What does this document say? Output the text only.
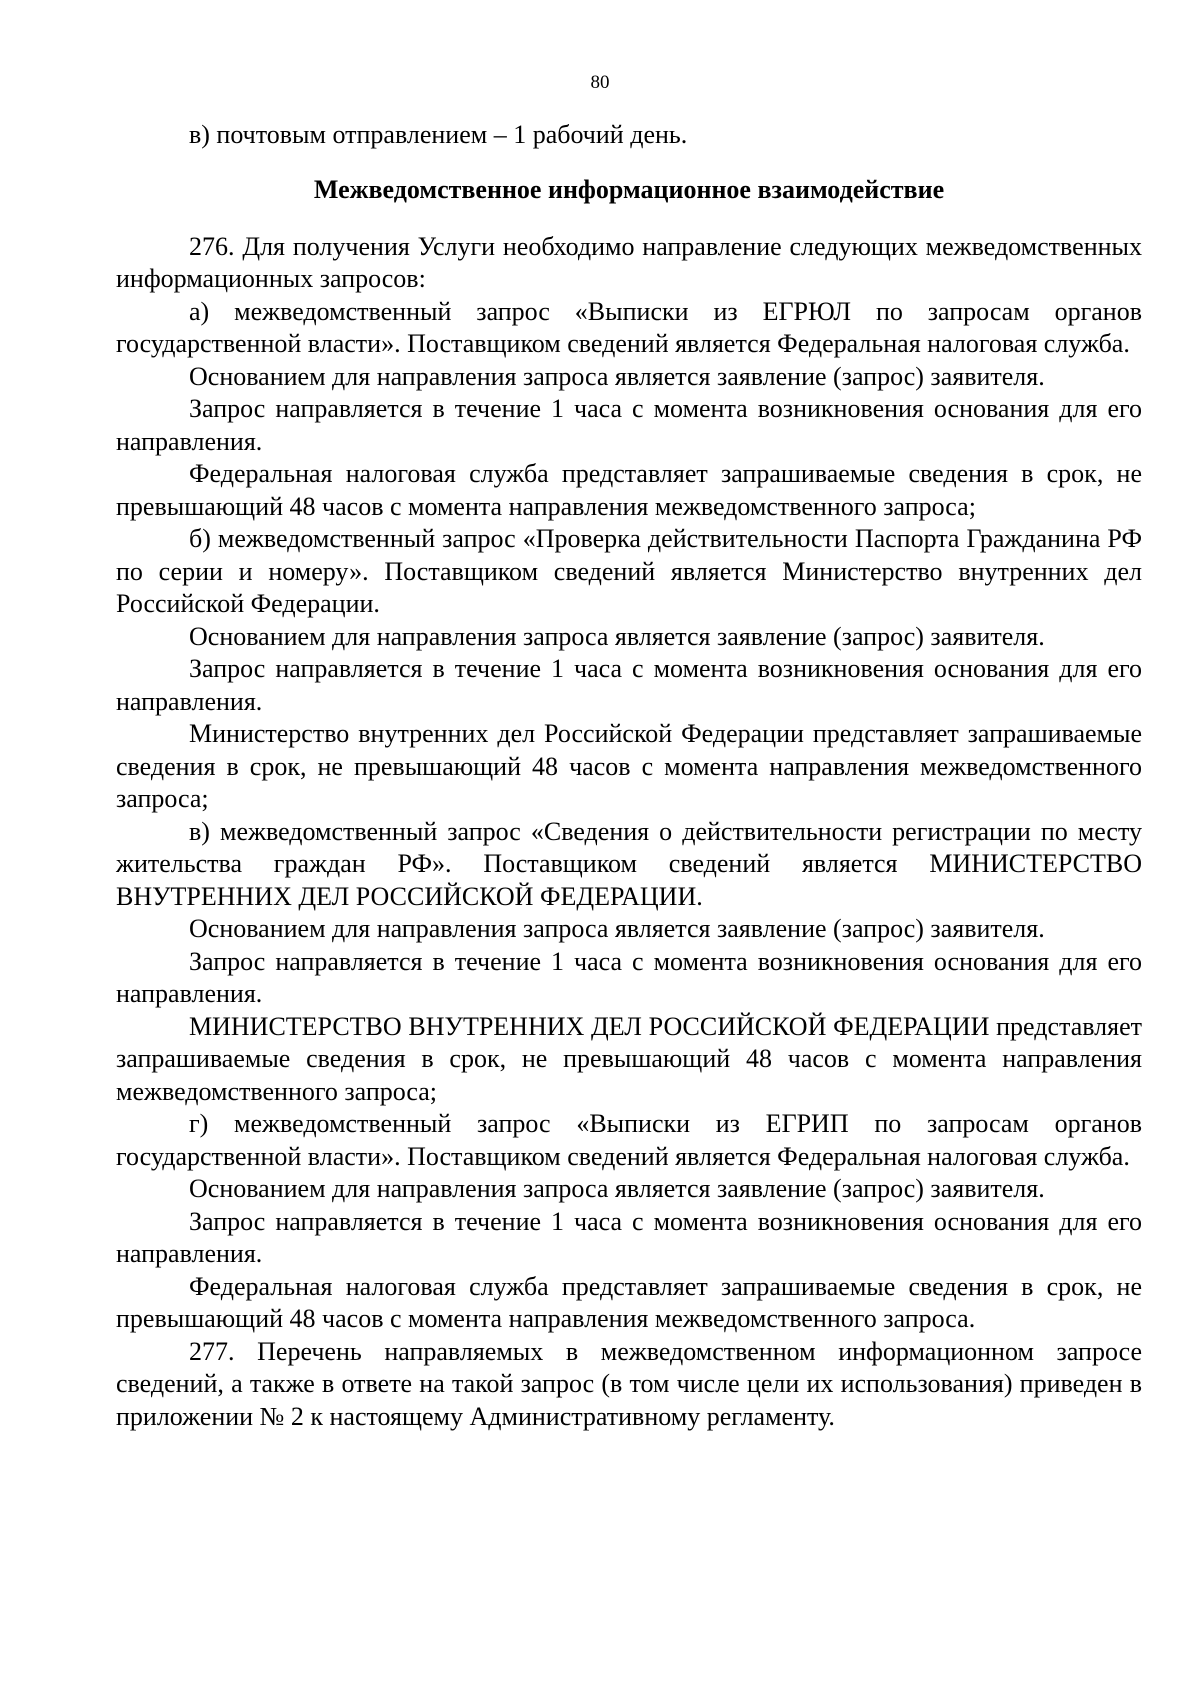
80

в) почтовым отправлением – 1 рабочий день.

Межведомственное информационное взаимодействие

276. Для получения Услуги необходимо направление следующих межведомственных информационных запросов:

а) межведомственный запрос «Выписки из ЕГРЮЛ по запросам органов государственной власти». Поставщиком сведений является Федеральная налоговая служба.

Основанием для направления запроса является заявление (запрос) заявителя.

Запрос направляется в течение 1 часа с момента возникновения основания для его направления.

Федеральная налоговая служба представляет запрашиваемые сведения в срок, не превышающий 48 часов с момента направления межведомственного запроса;

б) межведомственный запрос «Проверка действительности Паспорта Гражданина РФ по серии и номеру». Поставщиком сведений является Министерство внутренних дел Российской Федерации.

Основанием для направления запроса является заявление (запрос) заявителя.

Запрос направляется в течение 1 часа с момента возникновения основания для его направления.

Министерство внутренних дел Российской Федерации представляет запрашиваемые сведения в срок, не превышающий 48 часов с момента направления межведомственного запроса;

в) межведомственный запрос «Сведения о действительности регистрации по месту жительства граждан РФ». Поставщиком сведений является МИНИСТЕРСТВО ВНУТРЕННИХ ДЕЛ РОССИЙСКОЙ ФЕДЕРАЦИИ.

Основанием для направления запроса является заявление (запрос) заявителя.

Запрос направляется в течение 1 часа с момента возникновения основания для его направления.

МИНИСТЕРСТВО ВНУТРЕННИХ ДЕЛ РОССИЙСКОЙ ФЕДЕРАЦИИ представляет запрашиваемые сведения в срок, не превышающий 48 часов с момента направления межведомственного запроса;

г) межведомственный запрос «Выписки из ЕГРИП по запросам органов государственной власти». Поставщиком сведений является Федеральная налоговая служба.

Основанием для направления запроса является заявление (запрос) заявителя.

Запрос направляется в течение 1 часа с момента возникновения основания для его направления.

Федеральная налоговая служба представляет запрашиваемые сведения в срок, не превышающий 48 часов с момента направления межведомственного запроса.

277. Перечень направляемых в межведомственном информационном запросе сведений, а также в ответе на такой запрос (в том числе цели их использования) приведен в приложении № 2 к настоящему Административному регламенту.
